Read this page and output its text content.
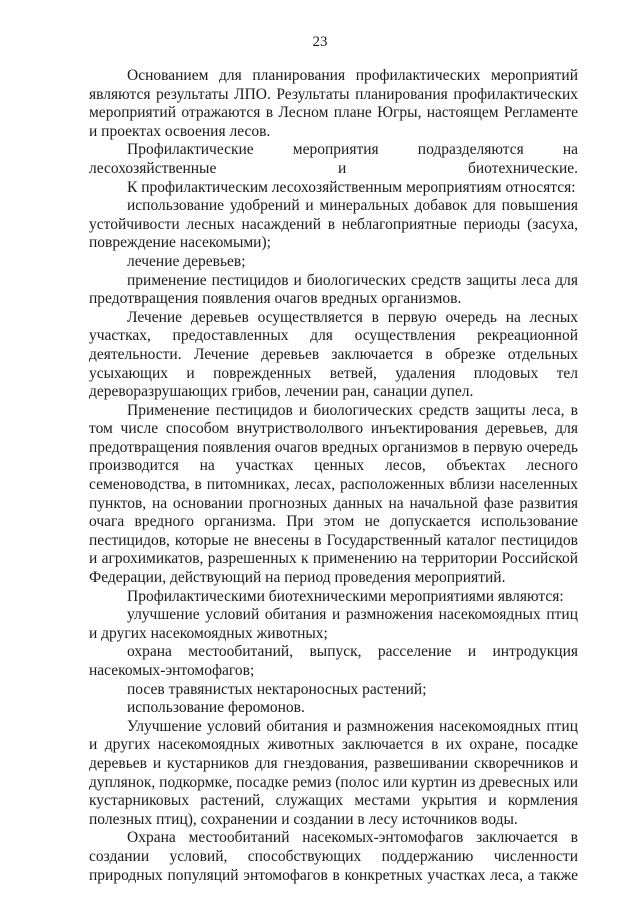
23

Основанием для планирования профилактических мероприятий являются результаты ЛПО. Результаты планирования профилактических мероприятий отражаются в Лесном плане Югры, настоящем Регламенте и проектах освоения лесов.

Профилактические мероприятия подразделяются на лесохозяйственные и биотехнические.

К профилактическим лесохозяйственным мероприятиям относятся:

использование удобрений и минеральных добавок для повышения устойчивости лесных насаждений в неблагоприятные периоды (засуха, повреждение насекомыми);

лечение деревьев;

применение пестицидов и биологических средств защиты леса для предотвращения появления очагов вредных организмов.

Лечение деревьев осуществляется в первую очередь на лесных участках, предоставленных для осуществления рекреационной деятельности. Лечение деревьев заключается в обрезке отдельных усыхающих и поврежденных ветвей, удаления плодовых тел дереворазрушающих грибов, лечении ран, санации дупел.

Применение пестицидов и биологических средств защиты леса, в том числе способом внутриствололвого инъектирования деревьев, для предотвращения появления очагов вредных организмов в первую очередь производится на участках ценных лесов, объектах лесного семеноводства, в питомниках, лесах, расположенных вблизи населенных пунктов, на основании прогнозных данных на начальной фазе развития очага вредного организма. При этом не допускается использование пестицидов, которые не внесены в Государственный каталог пестицидов и агрохимикатов, разрешенных к применению на территории Российской Федерации, действующий на период проведения мероприятий.

Профилактическими биотехническими мероприятиями являются:

улучшение условий обитания и размножения насекомоядных птиц и других насекомоядных животных;

охрана местообитаний, выпуск, расселение и интродукция насекомых-энтомофагов;

посев травянистых нектароносных растений;

использование феромонов.

Улучшение условий обитания и размножения насекомоядных птиц и других насекомоядных животных заключается в их охране, посадке деревьев и кустарников для гнездования, развешивании скворечников и дуплянок, подкормке, посадке ремиз (полос или куртин из древесных или кустарниковых растений, служащих местами укрытия и кормления полезных птиц), сохранении и создании в лесу источников воды.

Охрана местообитаний насекомых-энтомофагов заключается в создании условий, способствующих поддержанию численности природных популяций энтомофагов в конкретных участках леса, а также
